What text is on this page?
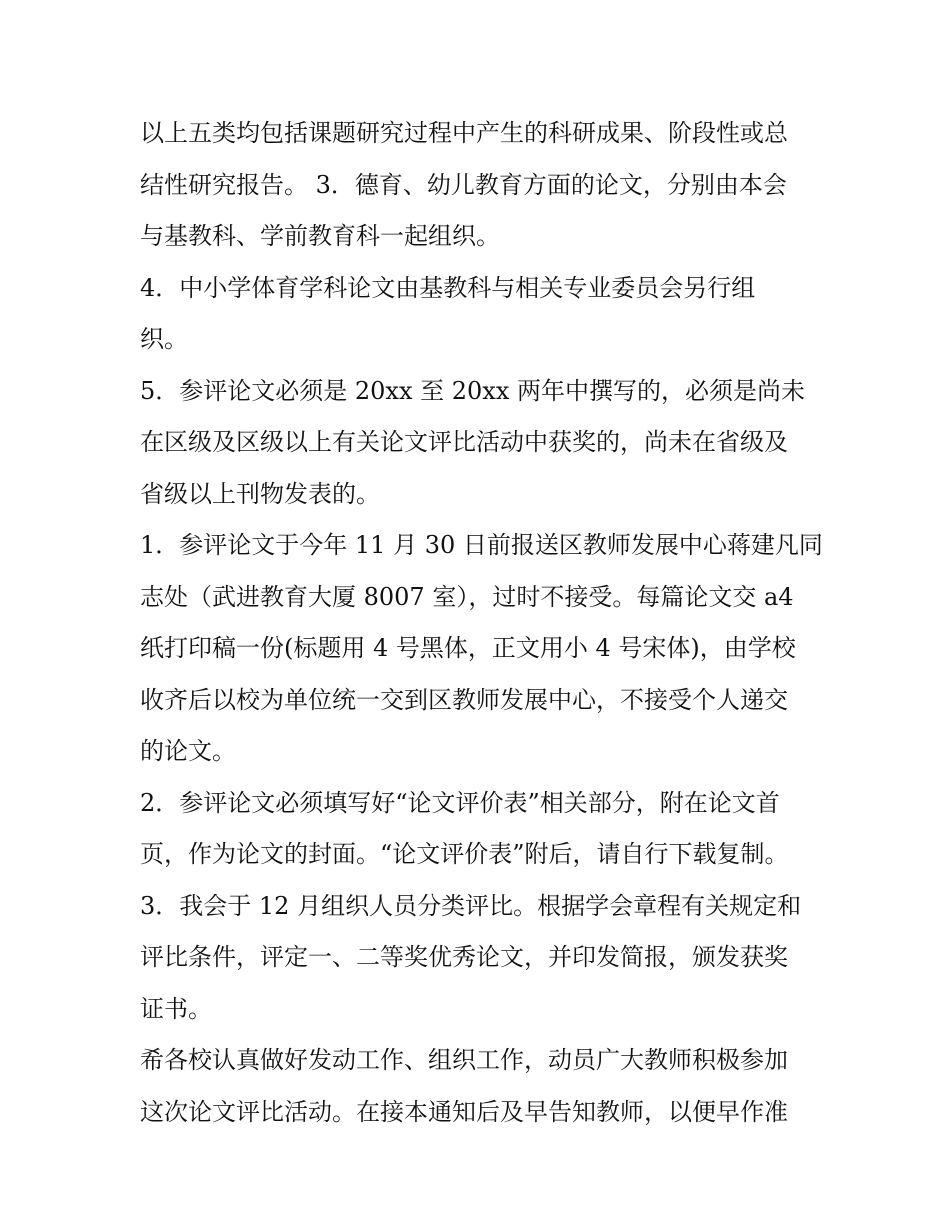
以上五类均包括课题研究过程中产生的科研成果、阶段性或总
结性研究报告。 3．德育、幼儿教育方面的论文，分别由本会
与基教科、学前教育科一起组织。
4．中小学体育学科论文由基教科与相关专业委员会另行组
织。
5．参评论文必须是 20xx 至 20xx 两年中撰写的，必须是尚未
在区级及区级以上有关论文评比活动中获奖的，尚未在省级及
省级以上刊物发表的。
1．参评论文于今年 11 月 30 日前报送区教师发展中心蒋建凡同
志处（武进教育大厦 8007 室），过时不接受。每篇论文交 a4
纸打印稿一份(标题用 4 号黑体，正文用小 4 号宋体)，由学校
收齐后以校为单位统一交到区教师发展中心，不接受个人递交
的论文。
2．参评论文必须填写好“论文评价表”相关部分，附在论文首
页，作为论文的封面。“论文评价表”附后，请自行下载复制。
3．我会于 12 月组织人员分类评比。根据学会章程有关规定和
评比条件，评定一、二等奖优秀论文，并印发简报，颁发获奖
证书。
希各校认真做好发动工作、组织工作，动员广大教师积极参加
这次论文评比活动。在接本通知后及早告知教师，以便早作准
